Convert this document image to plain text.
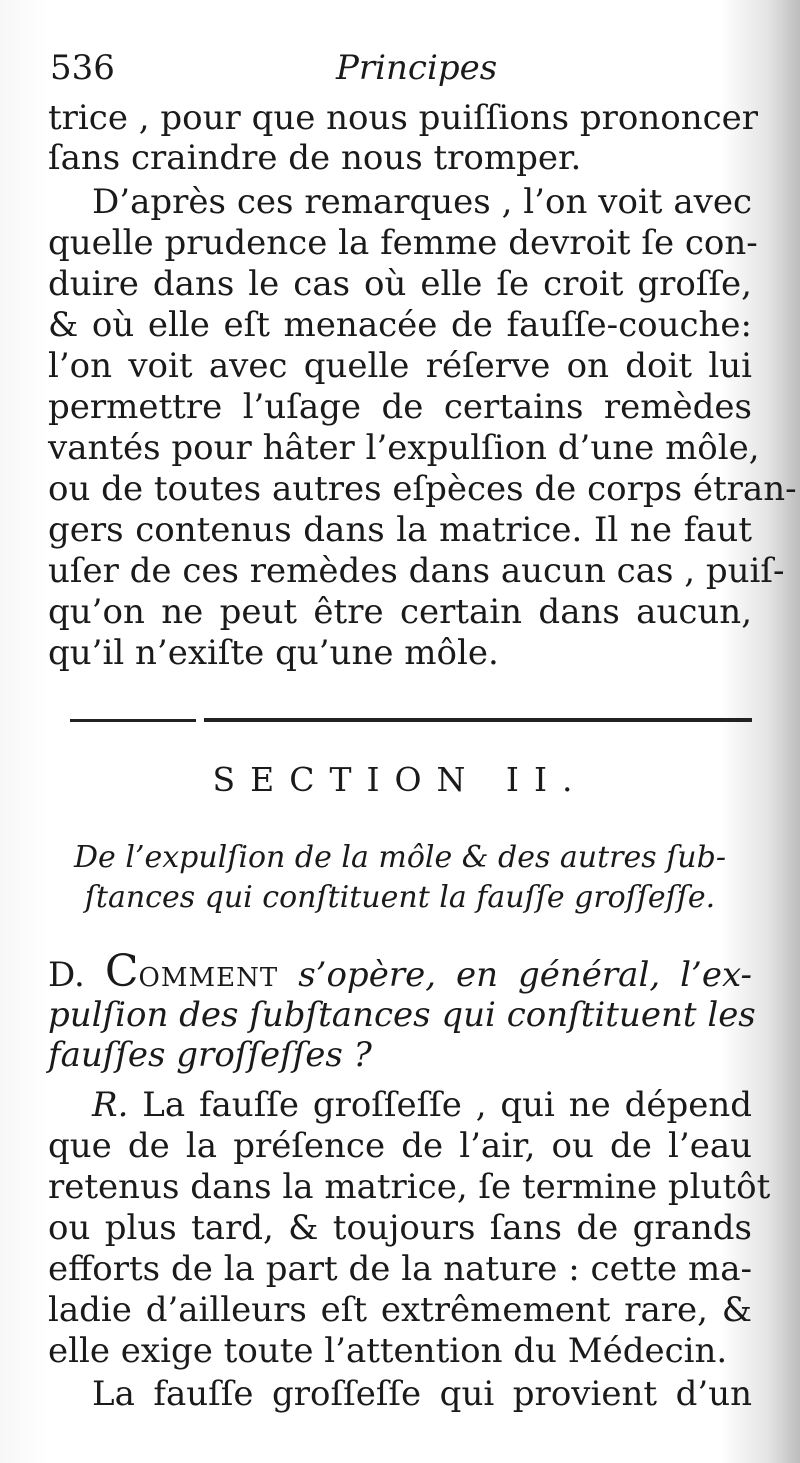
536	Principes
trice , pour que nous puiſſions prononcer
ſans craindre de nous tromper.
D’après ces remarques , l’on voit avec
quelle prudence la femme devroit ſe con-
duire dans le cas où elle ſe croit groſſe,
& où elle eſt menacée de fauſſe-couche:
l’on voit avec quelle réſerve on doit lui
permettre l’uſage de certains remèdes
vantés pour hâter l’expulſion d’une môle,
ou de toutes autres eſpèces de corps étran-
gers contenus dans la matrice. Il ne faut
uſer de ces remèdes dans aucun cas , puiſ-
qu’on ne peut être certain dans aucun,
qu’il n’exiſte qu’une môle.
SECTION II.
De l’expulſion de la môle & des autres ſub-
ſtances qui conſtituent la fauſſe groſſeſſe.
D. COMMENT s’opère, en général, l’ex-
pulſion des ſubſtances qui conſtituent les
fauſſes groſſeſſes ?
R. La fauſſe groſſeſſe , qui ne dépend
que de la préſence de l’air, ou de l’eau
retenus dans la matrice, ſe termine plutôt
ou plus tard, & toujours ſans de grands
efforts de la part de la nature : cette ma-
ladie d’ailleurs eſt extrêmement rare, &
elle exige toute l’attention du Médecin.
La fauſſe groſſeſſe qui provient d’un
